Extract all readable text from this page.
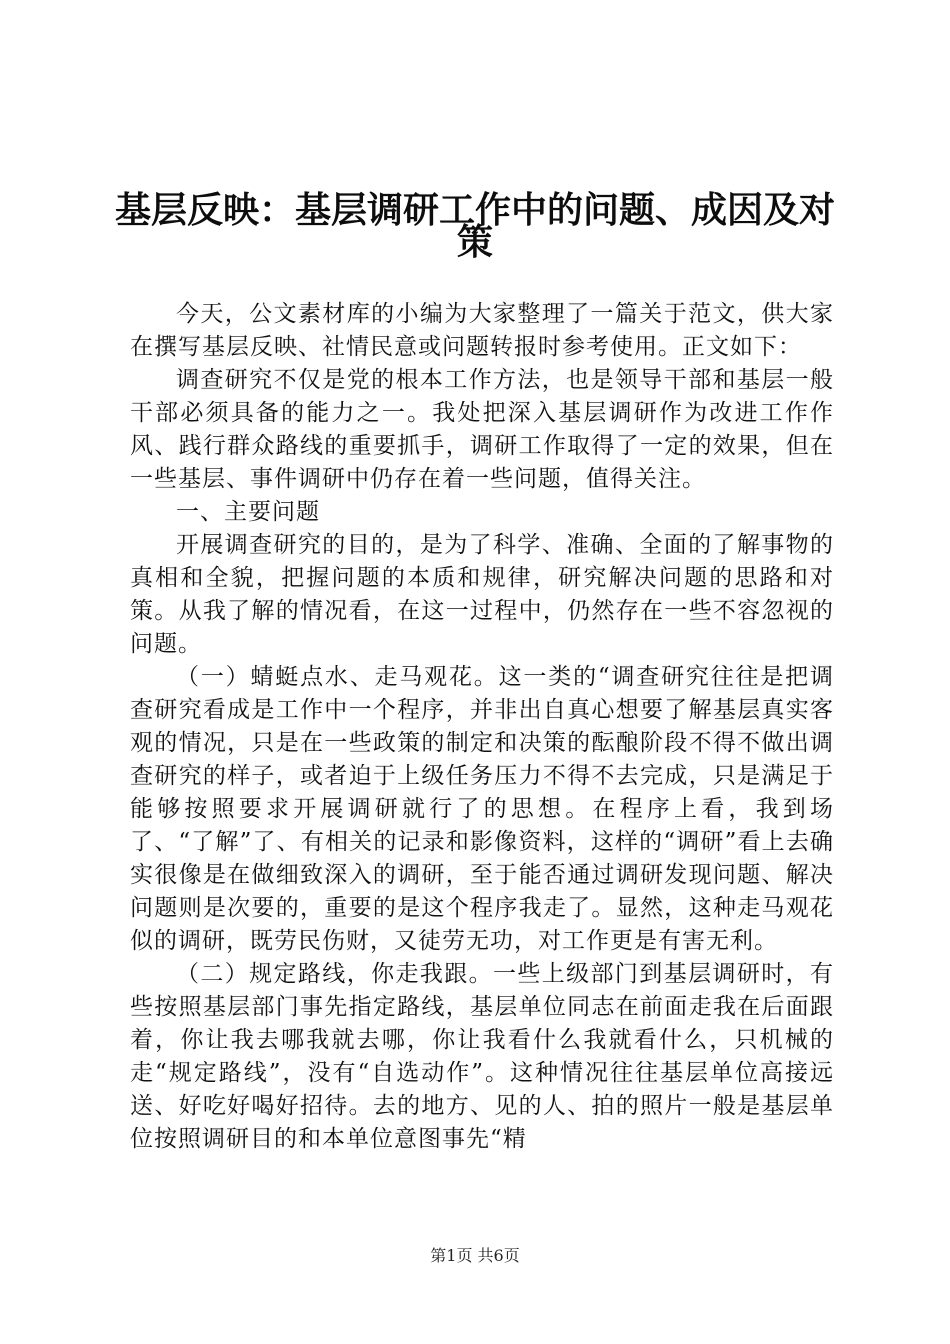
基层反映：基层调研工作中的问题、成因及对
策

今天，公文素材库的小编为大家整理了一篇关于范文，供大家在撰写基层反映、社情民意或问题转报时参考使用。正文如下：

调查研究不仅是党的根本工作方法，也是领导干部和基层一般干部必须具备的能力之一。我处把深入基层调研作为改进工作作风、践行群众路线的重要抓手，调研工作取得了一定的效果，但在一些基层、事件调研中仍存在着一些问题，值得关注。

一、主要问题

开展调查研究的目的，是为了科学、准确、全面的了解事物的真相和全貌，把握问题的本质和规律，研究解决问题的思路和对策。从我了解的情况看，在这一过程中，仍然存在一些不容忽视的问题。

（一）蜻蜓点水、走马观花。这一类的“调查研究往往是把调查研究看成是工作中一个程序，并非出自真心想要了解基层真实客观的情况，只是在一些政策的制定和决策的酝酿阶段不得不做出调查研究的样子，或者迫于上级任务压力不得不去完成，只是满足于能够按照要求开展调研就行了的思想。在程序上看，我到场了、“了解”了、有相关的记录和影像资料，这样的“调研”看上去确实很像是在做细致深入的调研，至于能否通过调研发现问题、解决问题则是次要的，重要的是这个程序我走了。显然，这种走马观花似的调研，既劳民伤财，又徒劳无功，对工作更是有害无利。

（二）规定路线，你走我跟。一些上级部门到基层调研时，有些按照基层部门事先指定路线，基层单位同志在前面走我在后面跟着，你让我去哪我就去哪，你让我看什么我就看什么，只机械的走“规定路线”，没有“自选动作”。这种情况往往基层单位高接远送、好吃好喝好招待。去的地方、见的人、拍的照片一般是基层单位按照调研目的和本单位意图事先“精

第1页 共6页
